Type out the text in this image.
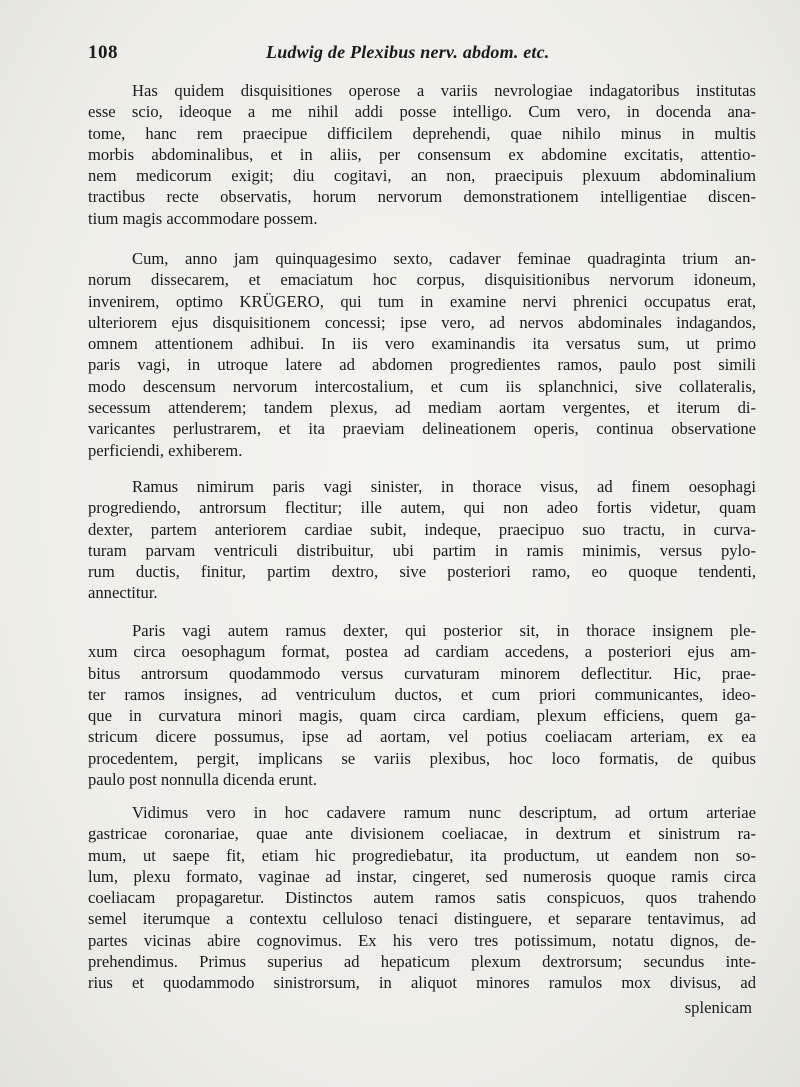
108	Ludwig de Plexibus nerv. abdom. etc.

Has quidem disquisitiones operose a variis nevrologiae indagatoribus institutas
esse scio, ideoque a me nihil addi posse intelligo. Cum vero, in docenda ana-
tome, hanc rem praecipue difficilem deprehendi, quae nihilo minus in multis
morbis abdominalibus, et in aliis, per consensum ex abdomine excitatis, attentio-
nem medicorum exigit; diu cogitavi, an non, praecipuis plexuum abdominalium
tractibus recte observatis, horum nervorum demonstrationem intelligentiae discen-
tium magis accommodare possem.

Cum, anno jam quinquagesimo sexto, cadaver feminae quadraginta trium an-
norum dissecarem, et emaciatum hoc corpus, disquisitionibus nervorum idoneum,
invenirem, optimo KRÜGERO, qui tum in examine nervi phrenici occupatus erat,
ulteriorem ejus disquisitionem concessi; ipse vero, ad nervos abdominales indagandos,
omnem attentionem adhibui. In iis vero examinandis ita versatus sum, ut primo
paris vagi, in utroque latere ad abdomen progredientes ramos, paulo post simili
modo descensum nervorum intercostalium, et cum iis splanchnici, sive collateralis,
secessum attenderem; tandem plexus, ad mediam aortam vergentes, et iterum di-
varicantes perlustrarem, et ita praeviam delineationem operis, continua observatione
perficiendi, exhiberem.

Ramus nimirum paris vagi sinister, in thorace visus, ad finem oesophagi
progrediendo, antrorsum flectitur; ille autem, qui non adeo fortis videtur, quam
dexter, partem anteriorem cardiae subit, indeque, praecipuo suo tractu, in curva-
turam parvam ventriculi distribuitur, ubi partim in ramis minimis, versus pylo-
rum ductis, finitur, partim dextro, sive posteriori ramo, eo quoque tendenti,
annectitur.

Paris vagi autem ramus dexter, qui posterior sit, in thorace insignem ple-
xum circa oesophagum format, postea ad cardiam accedens, a posteriori ejus am-
bitus antrorsum quodammodo versus curvaturam minorem deflectitur. Hic, prae-
ter ramos insignes, ad ventriculum ductos, et cum priori communicantes, ideo-
que in curvatura minori magis, quam circa cardiam, plexum efficiens, quem ga-
stricum dicere possumus, ipse ad aortam, vel potius coeliacam arteriam, ex ea
procedentem, pergit, implicans se variis plexibus, hoc loco formatis, de quibus
paulo post nonnulla dicenda erunt.

Vidimus vero in hoc cadavere ramum nunc descriptum, ad ortum arteriae
gastricae coronariae, quae ante divisionem coeliacae, in dextrum et sinistrum ra-
mum, ut saepe fit, etiam hic progrediebatur, ita productum, ut eandem non so-
lum, plexu formato, vaginae ad instar, cingeret, sed numerosis quoque ramis circa
coeliacam propagaretur. Distinctos autem ramos satis conspicuos, quos trahendo
semel iterumque a contextu celluloso tenaci distinguere, et separare tentavimus, ad
partes vicinas abire cognovimus. Ex his vero tres potissimum, notatu dignos, de-
prehendimus. Primus superius ad hepaticum plexum dextrorsum; secundus inte-
rius et quodammodo sinistrorsum, in aliquot minores ramulos mox divisus, ad

splenicam
